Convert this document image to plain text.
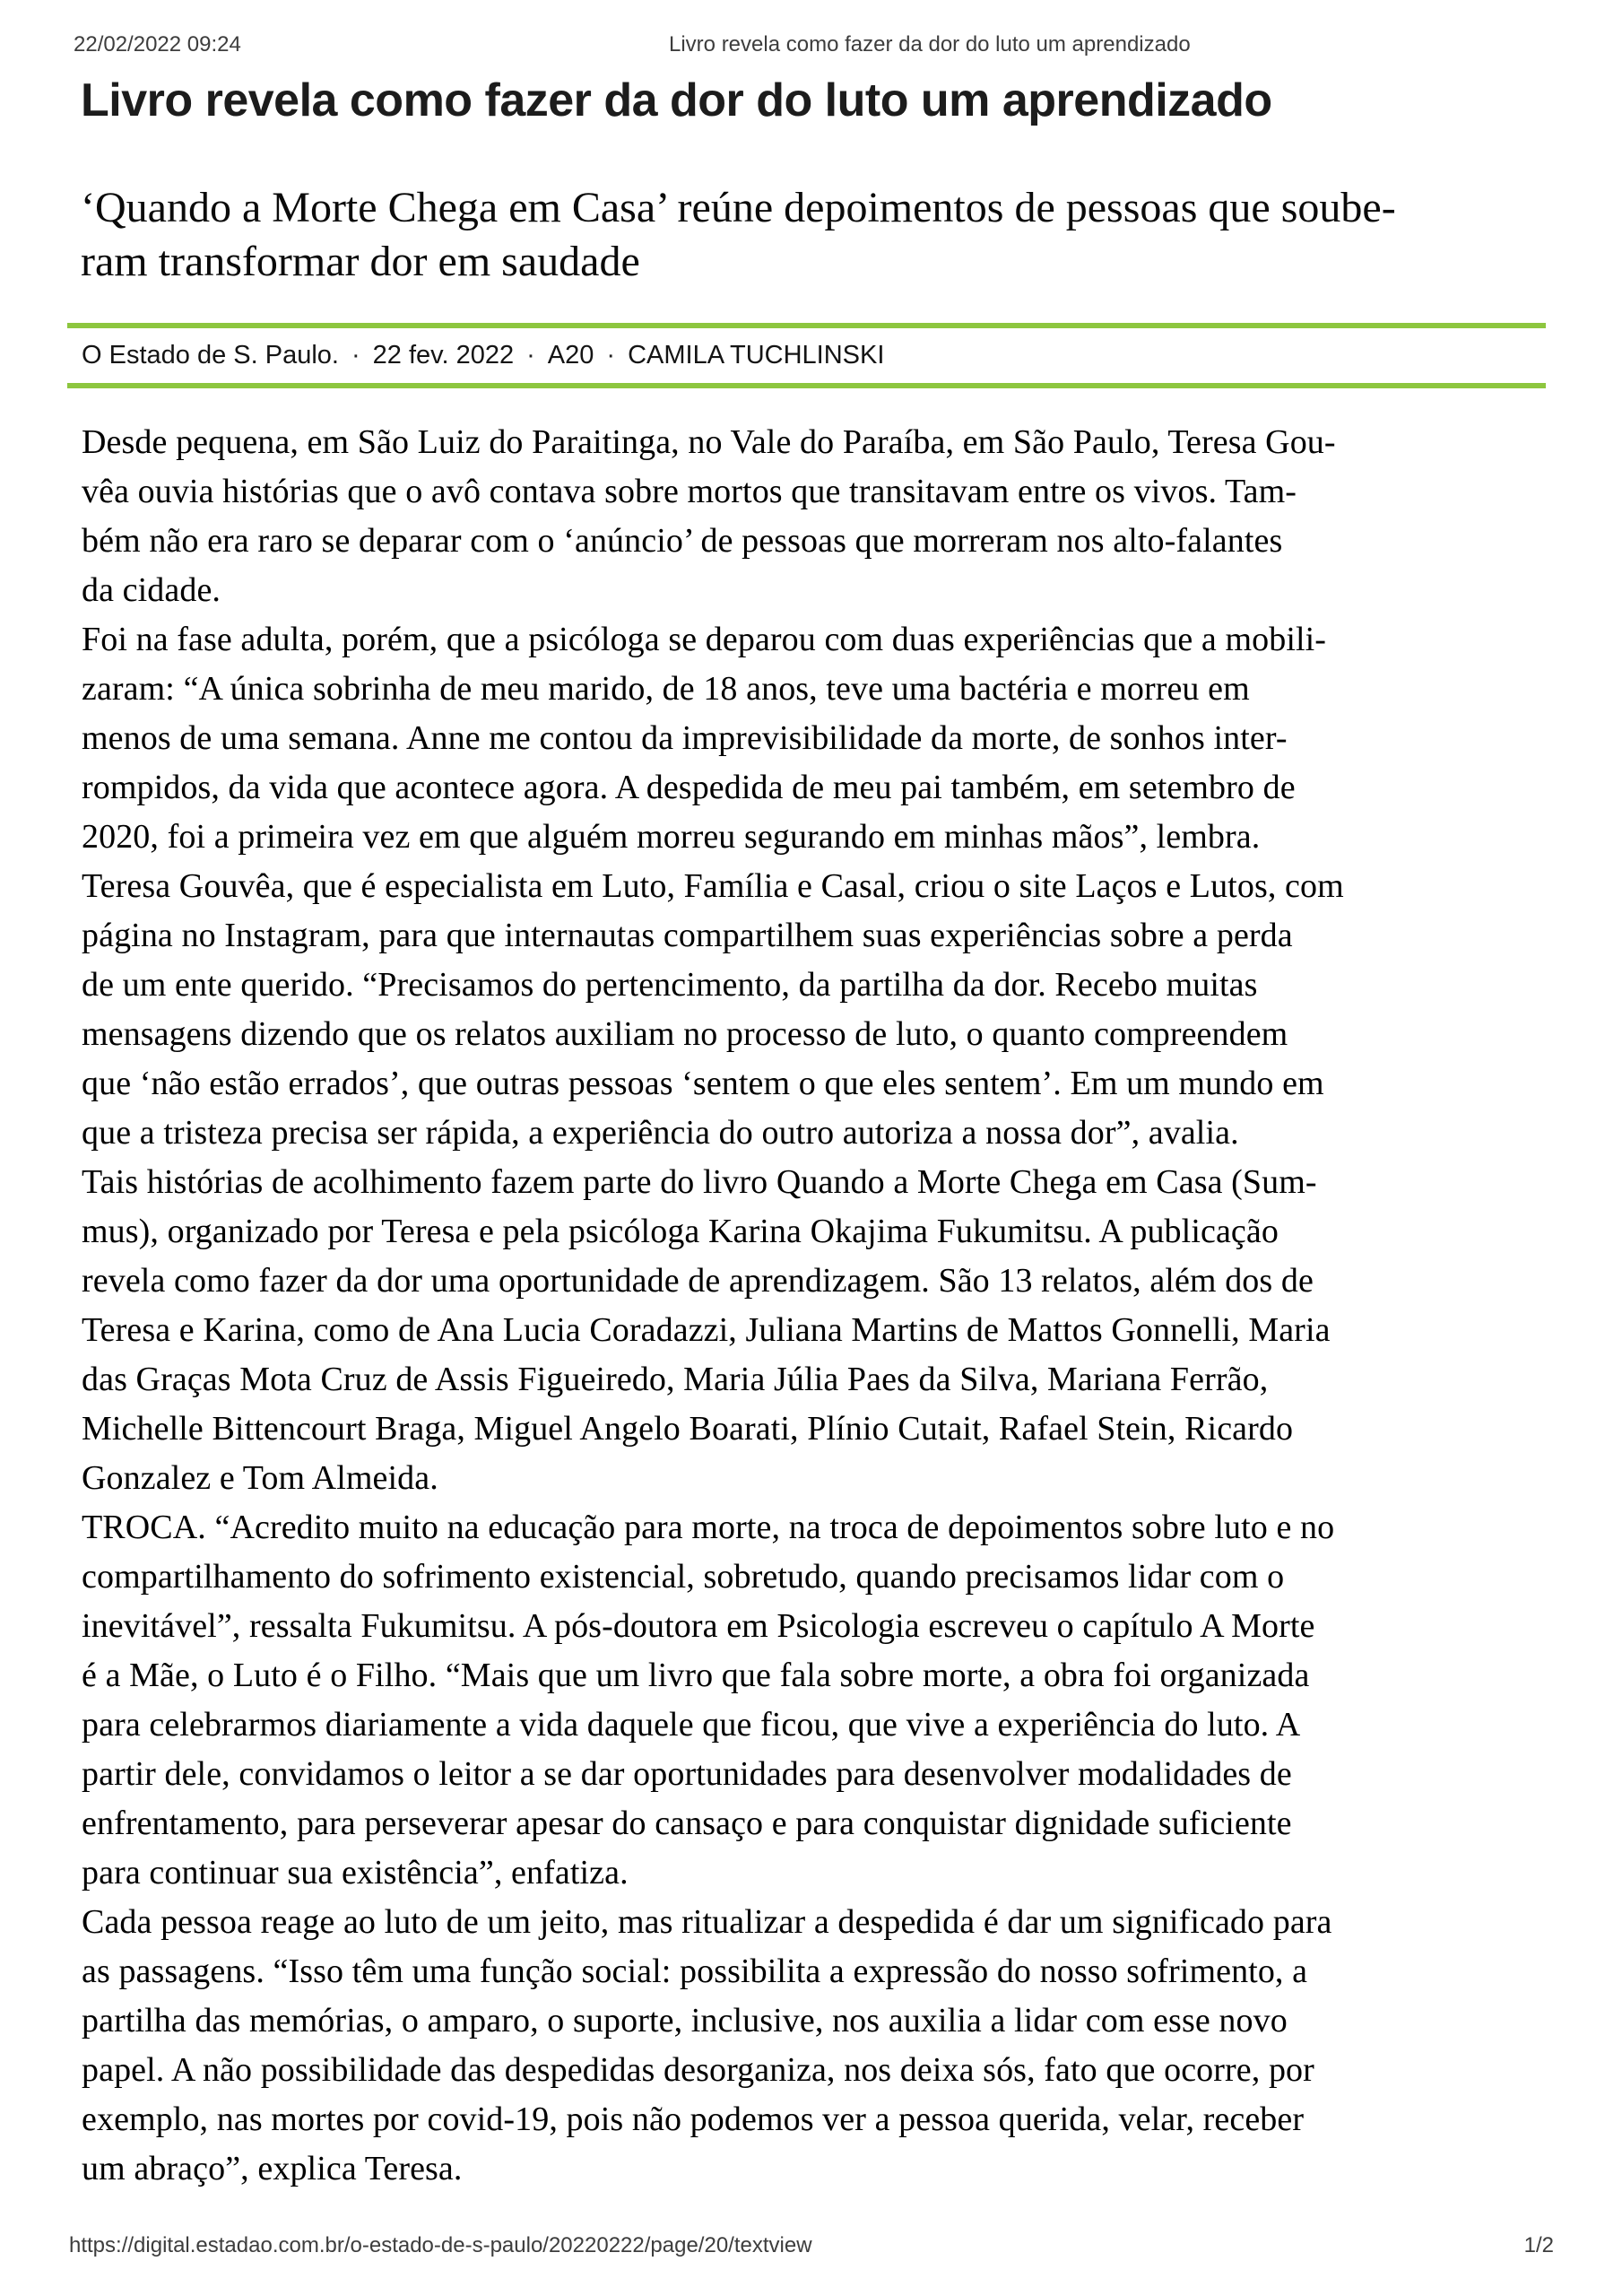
22/02/2022 09:24	Livro revela como fazer da dor do luto um aprendizado
Livro revela como fazer da dor do luto um aprendizado
‘Quando a Morte Chega em Casa’ reúne depoimentos de pessoas que soube-
ram transformar dor em saudade
O Estado de S. Paulo. · 22 fev. 2022 · A20 · CAMILA TUCHLINSKI
Desde pequena, em São Luiz do Paraitinga, no Vale do Paraíba, em São Paulo, Teresa Gou-
vêa ouvia histórias que o avô contava sobre mortos que transitavam entre os vivos. Tam-
bém não era raro se deparar com o ‘anúncio’ de pessoas que morreram nos alto-falantes
da cidade.
Foi na fase adulta, porém, que a psicóloga se deparou com duas experiências que a mobili-
zaram: “A única sobrinha de meu marido, de 18 anos, teve uma bactéria e morreu em
menos de uma semana. Anne me contou da imprevisibilidade da morte, de sonhos inter-
rompidos, da vida que acontece agora. A despedida de meu pai também, em setembro de
2020, foi a primeira vez em que alguém morreu segurando em minhas mãos”, lembra.
Teresa Gouvêa, que é especialista em Luto, Família e Casal, criou o site Laços e Lutos, com
página no Instagram, para que internautas compartilhem suas experiências sobre a perda
de um ente querido. “Precisamos do pertencimento, da partilha da dor. Recebo muitas
mensagens dizendo que os relatos auxiliam no processo de luto, o quanto compreendem
que ‘não estão errados’, que outras pessoas ‘sentem o que eles sentem’. Em um mundo em
que a tristeza precisa ser rápida, a experiência do outro autoriza a nossa dor”, avalia.
Tais histórias de acolhimento fazem parte do livro Quando a Morte Chega em Casa (Sum-
mus), organizado por Teresa e pela psicóloga Karina Okajima Fukumitsu. A publicação
revela como fazer da dor uma oportunidade de aprendizagem. São 13 relatos, além dos de
Teresa e Karina, como de Ana Lucia Coradazzi, Juliana Martins de Mattos Gonnelli, Maria
das Graças Mota Cruz de Assis Figueiredo, Maria Júlia Paes da Silva, Mariana Ferrão,
Michelle Bittencourt Braga, Miguel Angelo Boarati, Plínio Cutait, Rafael Stein, Ricardo
Gonzalez e Tom Almeida.
TROCA. “Acredito muito na educação para morte, na troca de depoimentos sobre luto e no
compartilhamento do sofrimento existencial, sobretudo, quando precisamos lidar com o
inevitável”, ressalta Fukumitsu. A pós-doutora em Psicologia escreveu o capítulo A Morte
é a Mãe, o Luto é o Filho. “Mais que um livro que fala sobre morte, a obra foi organizada
para celebrarmos diariamente a vida daquele que ficou, que vive a experiência do luto. A
partir dele, convidamos o leitor a se dar oportunidades para desenvolver modalidades de
enfrentamento, para perseverar apesar do cansaço e para conquistar dignidade suficiente
para continuar sua existência”, enfatiza.
Cada pessoa reage ao luto de um jeito, mas ritualizar a despedida é dar um significado para
as passagens. “Isso têm uma função social: possibilita a expressão do nosso sofrimento, a
partilha das memórias, o amparo, o suporte, inclusive, nos auxilia a lidar com esse novo
papel. A não possibilidade das despedidas desorganiza, nos deixa sós, fato que ocorre, por
exemplo, nas mortes por covid-19, pois não podemos ver a pessoa querida, velar, receber
um abraço”, explica Teresa.
https://digital.estadao.com.br/o-estado-de-s-paulo/20220222/page/20/textview	1/2
